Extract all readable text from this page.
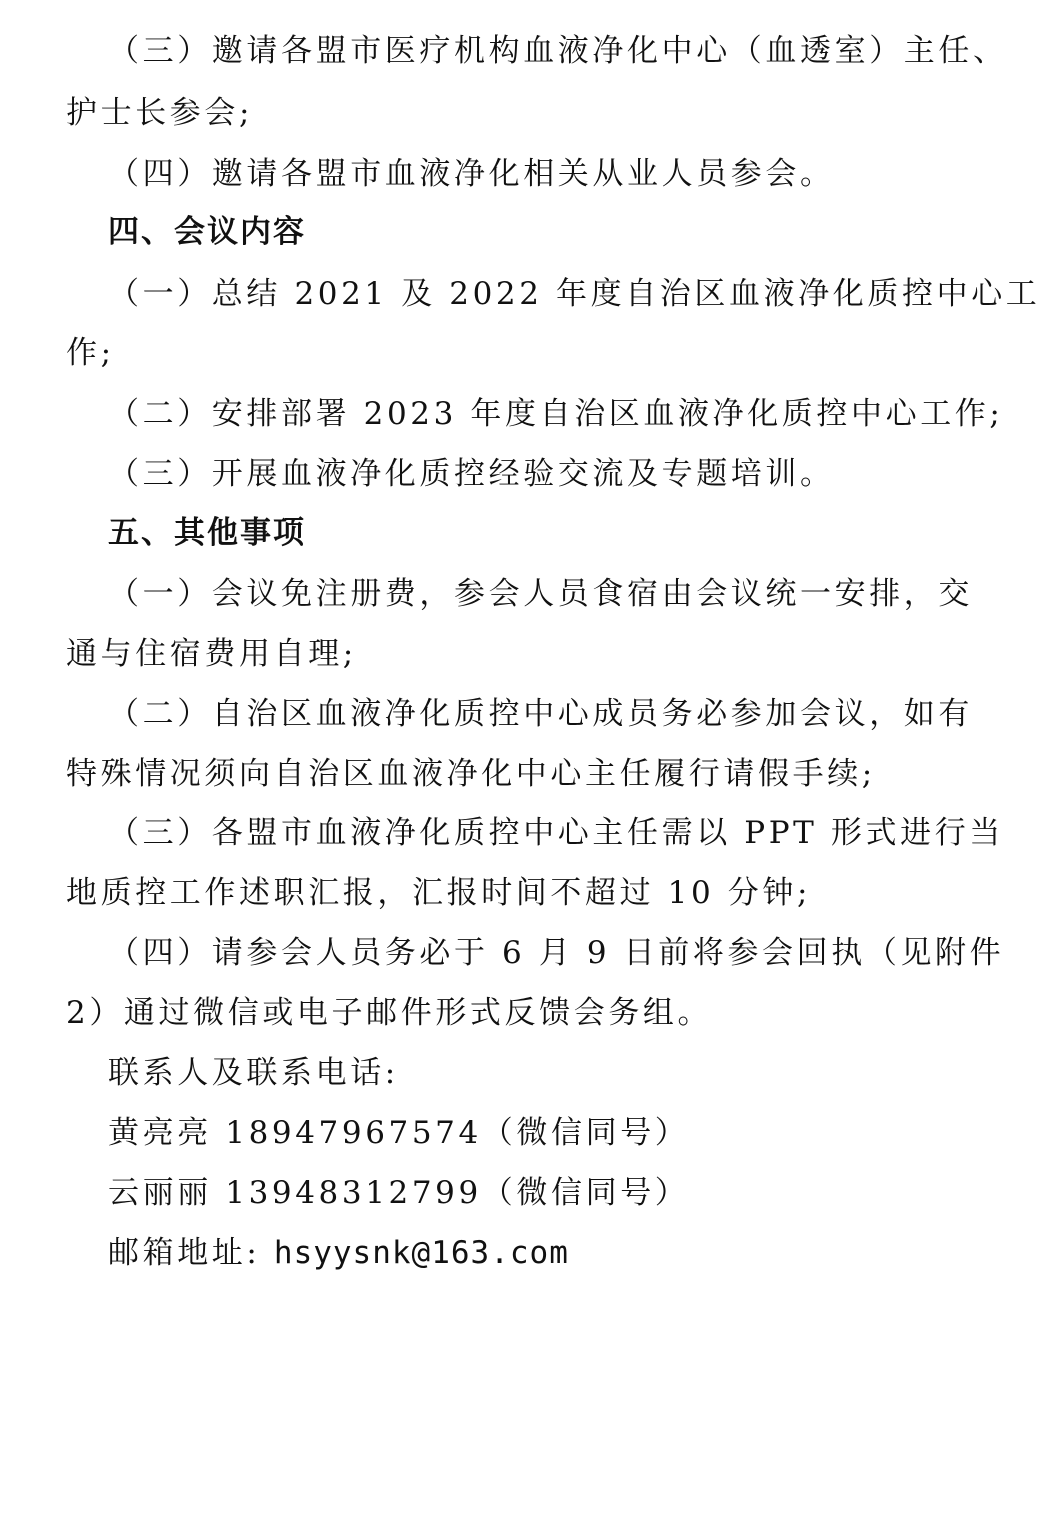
（三）邀请各盟市医疗机构血液净化中心（血透室）主任、
护士长参会;
（四）邀请各盟市血液净化相关从业人员参会。
四、会议内容
（一）总结 2021 及 2022 年度自治区血液净化质控中心工
作;
（二）安排部署 2023 年度自治区血液净化质控中心工作;
（三）开展血液净化质控经验交流及专题培训。
五、其他事项
（一）会议免注册费，参会人员食宿由会议统一安排，交
通与住宿费用自理;
（二）自治区血液净化质控中心成员务必参加会议，如有
特殊情况须向自治区血液净化中心主任履行请假手续;
（三）各盟市血液净化质控中心主任需以 PPT 形式进行当
地质控工作述职汇报，汇报时间不超过 10 分钟;
（四）请参会人员务必于 6 月 9 日前将参会回执（见附件
2）通过微信或电子邮件形式反馈会务组。
联系人及联系电话:
黄亮亮 18947967574（微信同号）
云丽丽 13948312799（微信同号）
邮箱地址: hsyysnk@163.com
